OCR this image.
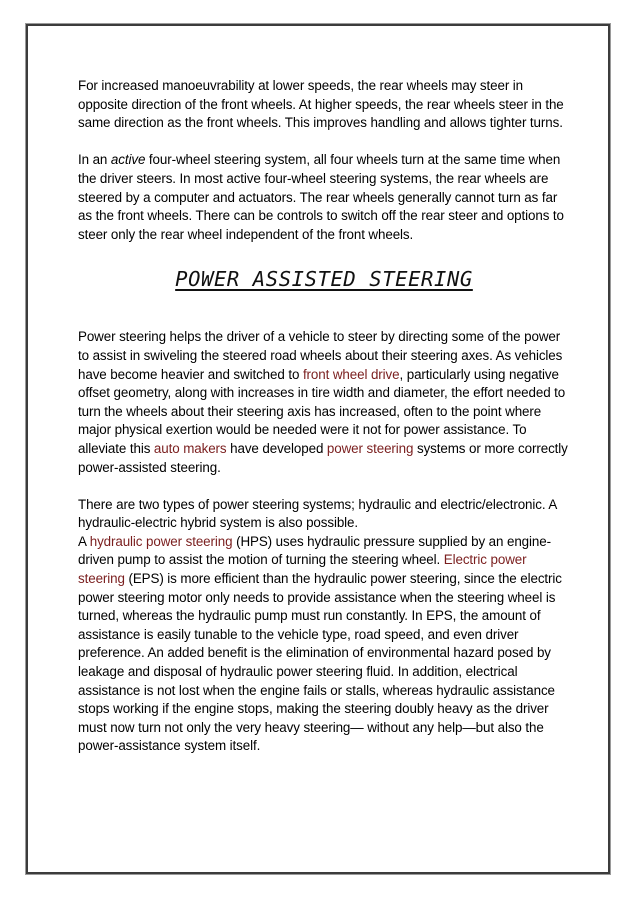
For increased manoeuvrability at lower speeds, the rear wheels may steer in opposite direction of the front wheels. At higher speeds, the rear wheels steer in the same direction as the front wheels. This improves handling and allows tighter turns.

In an active four-wheel steering system, all four wheels turn at the same time when the driver steers. In most active four-wheel steering systems, the rear wheels are steered by a computer and actuators. The rear wheels generally cannot turn as far as the front wheels. There can be controls to switch off the rear steer and options to steer only the rear wheel independent of the front wheels.

POWER ASSISTED STEERING

Power steering helps the driver of a vehicle to steer by directing some of the power to assist in swiveling the steered road wheels about their steering axes. As vehicles have become heavier and switched to front wheel drive, particularly using negative offset geometry, along with increases in tire width and diameter, the effort needed to turn the wheels about their steering axis has increased, often to the point where major physical exertion would be needed were it not for power assistance. To alleviate this auto makers have developed power steering systems or more correctly power-assisted steering.

There are two types of power steering systems; hydraulic and electric/electronic. A hydraulic-electric hybrid system is also possible.
A hydraulic power steering (HPS) uses hydraulic pressure supplied by an engine-driven pump to assist the motion of turning the steering wheel. Electric power steering (EPS) is more efficient than the hydraulic power steering, since the electric power steering motor only needs to provide assistance when the steering wheel is turned, whereas the hydraulic pump must run constantly. In EPS, the amount of assistance is easily tunable to the vehicle type, road speed, and even driver preference. An added benefit is the elimination of environmental hazard posed by leakage and disposal of hydraulic power steering fluid. In addition, electrical assistance is not lost when the engine fails or stalls, whereas hydraulic assistance stops working if the engine stops, making the steering doubly heavy as the driver must now turn not only the very heavy steering— without any help—but also the power-assistance system itself.
